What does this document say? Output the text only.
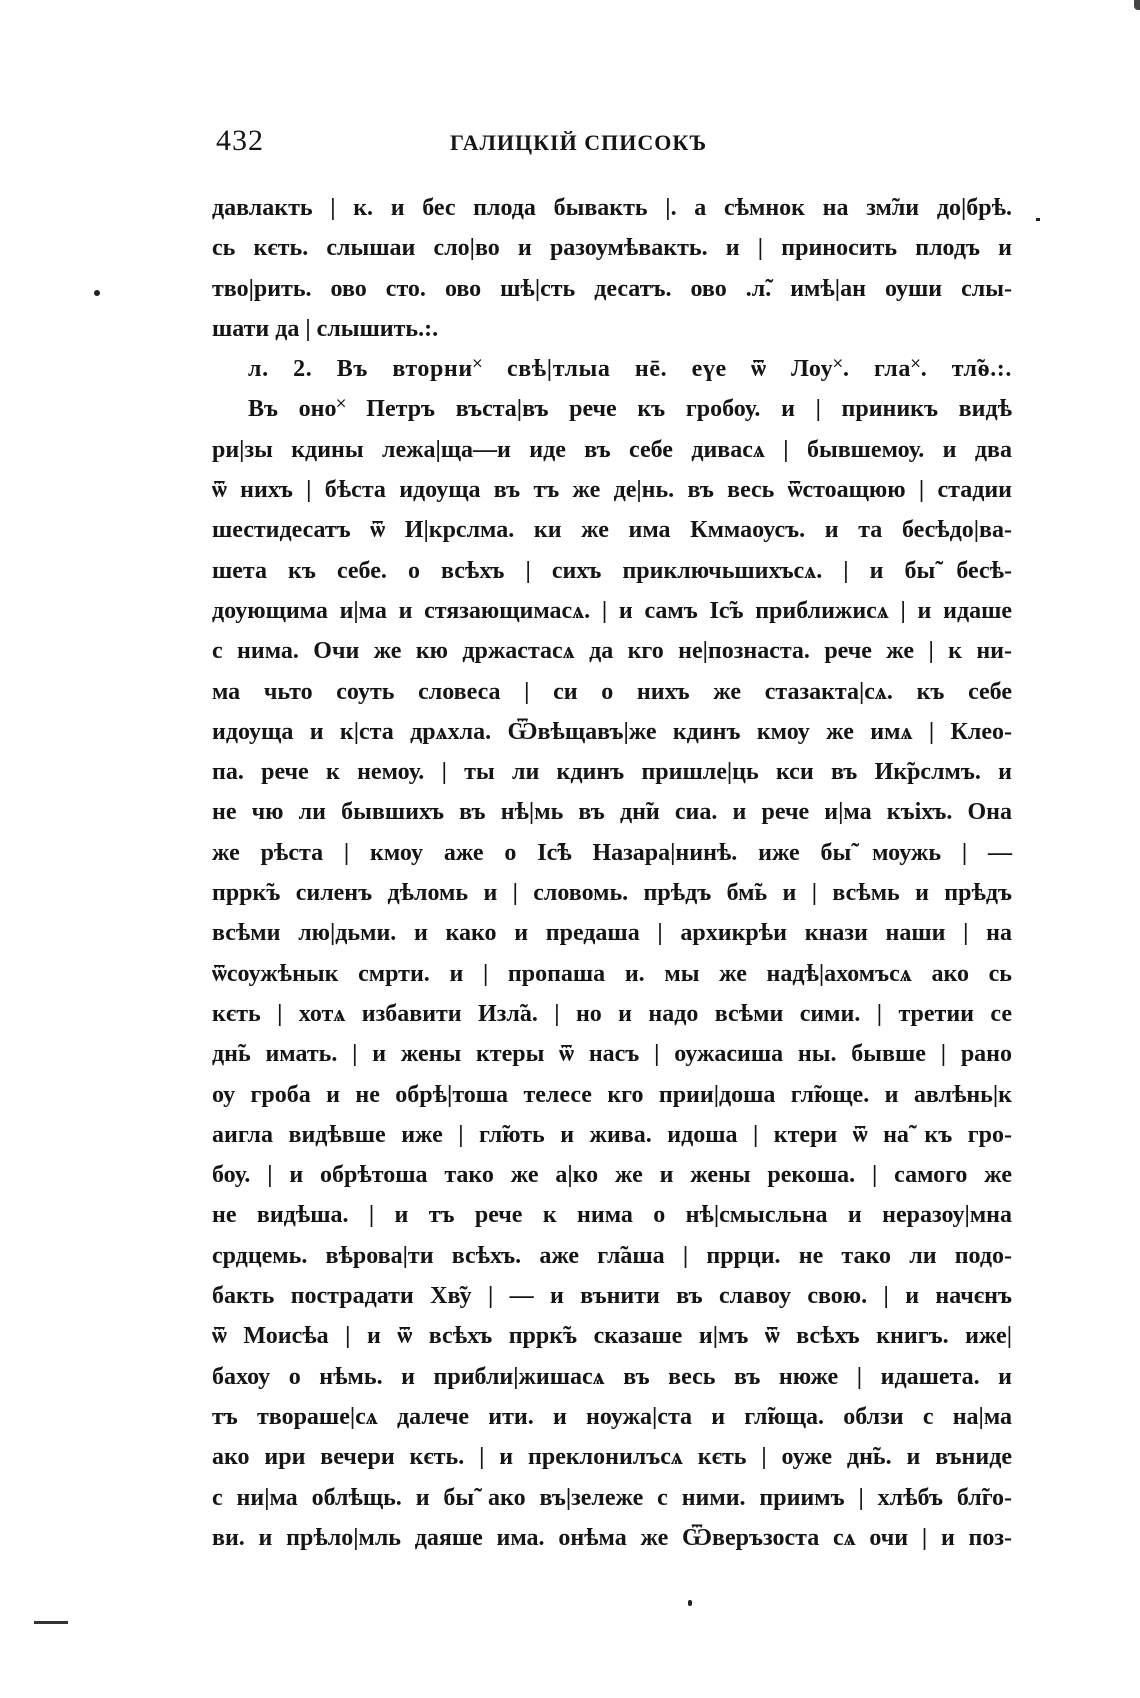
432	ГАЛИЦКІЙ СПИСОКЪ
давлакть | к. и бес плода бывакть |. а сѣмнок на зм̃ли до|брѣ.
сь кєть. слышаи сло|во и разоумѣвакть. и | приносить плодъ и
тво|рить. ово сто. ово шѣ|сть десатъ. ово .л̃. имѣ|ан оуши слы-
шати да | слышить.:.
л. 2. Въ вторни˟ свѣ|тлыа нē. еүе ѿ Лоу˟. гла˟. тл̃ѳ.:.
Въ оно˟ Петръ въста|въ рече къ гробоу. и | приникъ видѣ
ри|зы кдины лежа|ща—и иде въ себе дивасѧ | бывшемоу. и два
ѿ нихъ | бѣста идоуща въ тъ же де|нь. въ весь ѿстоащюю | стадии
шестидесатъ ѿ И|крслма. ки же има Кммаоусъ. и та бесѣдо|ва-
шета къ себе. о всѣхъ | сихъ приключьшихъсѧ. | и бы̃ бесѣ-
доующима и|ма и стязающимасѧ. | и самъ Іс̃ъ приближисѧ | и идаше
с нима. Очи же кю држастасѧ да кго не|познаста. рече же | к ни-
ма чьто соуть словеса | си о нихъ же стазакта|сѧ. къ себе
идоуща и к|ста дрѧхла. Ѿвѣщавъ|же кдинъ кмоу же имѧ | Клео-
па. рече к немоу. | ты ли кдинъ пришле|ць кси въ Ик̃рслмъ. и
не чю ли бывшихъ въ нѣ|мь въ дн̃и сиа. и рече и|ма къіхъ. Она
же рѣста | кмоу аже о Іс̃ѣ Назара|нинѣ. иже бы̃ моужь | —
пррк̃ъ силенъ дѣломь и | словомь. прѣдъ бм̃ь и | всѣмь и прѣдъ
всѣми лю|дьми. и како и предаша | архикрѣи кнази наши | на
ѿсоужѣнык смрти. и | пропаша и. мы же надѣ|ахомъсѧ ако сь
кєть | хотѧ избавити Изл̃а. | но и надо всѣми сими. | третии се
дн̃ь имать. | и жены ктеры ѿ насъ | оужасиша ны. бывше | рано
оу гроба и не обрѣ|тоша телесе кго прии|доша гл̃юще. и авлѣнь|к
аигла видѣвше иже | гл̃ють и жива. идоша | ктери ѿ на̃ къ гро-
боу. | и обрѣтоша тако же а|ко же и жены рекоша. | самого же
не видѣша. | и тъ рече к нима о нѣ|смысльна и неразоу|мна
срдцемь. вѣрова|ти всѣхъ. аже гл̃аша | пррци. не тако ли подо-
бакть пострадати Хв̃у | — и вънити въ славоу свою. | и начєнъ
ѿ Моисѣа | и ѿ всѣхъ пррк̃ъ сказаше и|мъ ѿ всѣхъ книгъ. иже|
бахоу о нѣмь. и прибли|жишасѧ въ весь въ нюже | идашета. и
тъ твораше|сѧ далече ити. и ноужа|ста и гл̃юща. облзи с на|ма
ако ири вечери кєть. | и преклонилъсѧ кєть | оуже дн̃ь. и вънидe
с ни|ма облѣщь. и бы̃ ако въ|зележе с ними. приимъ | хлѣбъ бл̃го-
ви. и прѣло|мль даяше има. онѣма же Ѿверъзоста сѧ очи | и поз-
